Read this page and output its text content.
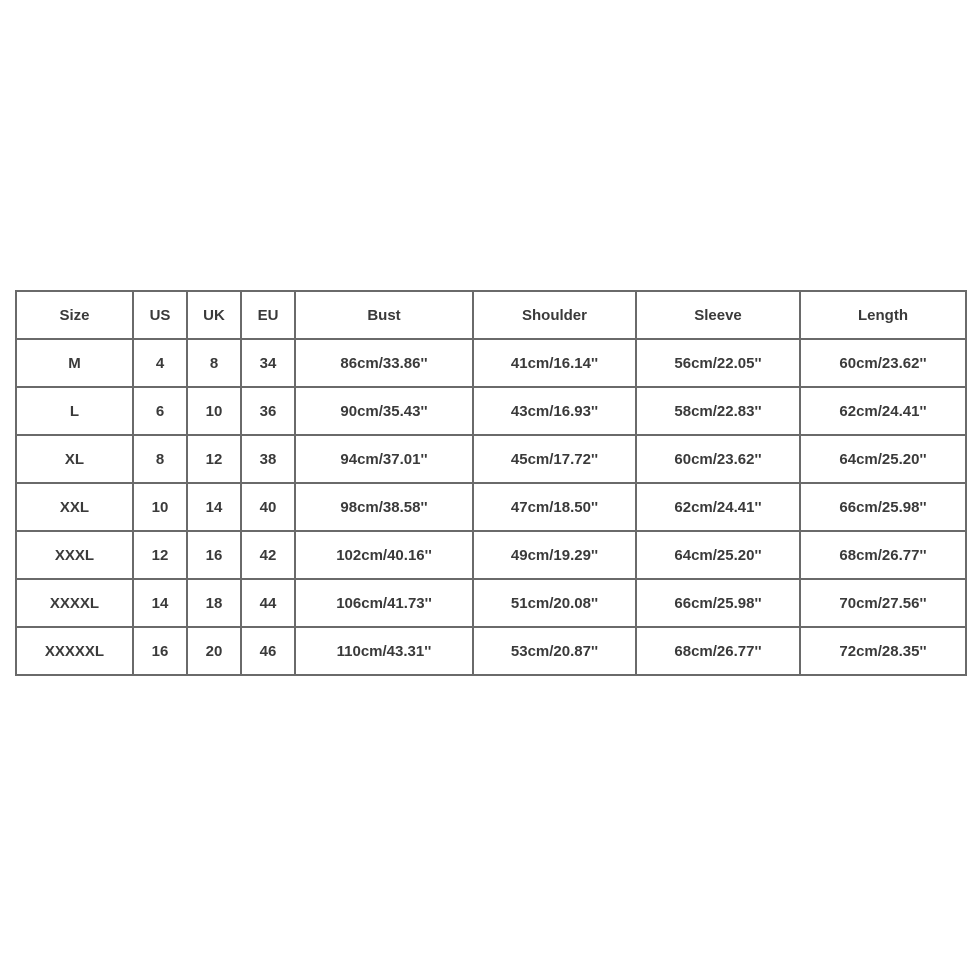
Size	US	UK	EU	Bust	Shoulder	Sleeve	Length
M	4	8	34	86cm/33.86''	41cm/16.14''	56cm/22.05''	60cm/23.62''
L	6	10	36	90cm/35.43''	43cm/16.93''	58cm/22.83''	62cm/24.41''
XL	8	12	38	94cm/37.01''	45cm/17.72''	60cm/23.62''	64cm/25.20''
XXL	10	14	40	98cm/38.58''	47cm/18.50''	62cm/24.41''	66cm/25.98''
XXXL	12	16	42	102cm/40.16''	49cm/19.29''	64cm/25.20''	68cm/26.77''
XXXXL	14	18	44	106cm/41.73''	51cm/20.08''	66cm/25.98''	70cm/27.56''
XXXXXL	16	20	46	110cm/43.31''	53cm/20.87''	68cm/26.77''	72cm/28.35''
